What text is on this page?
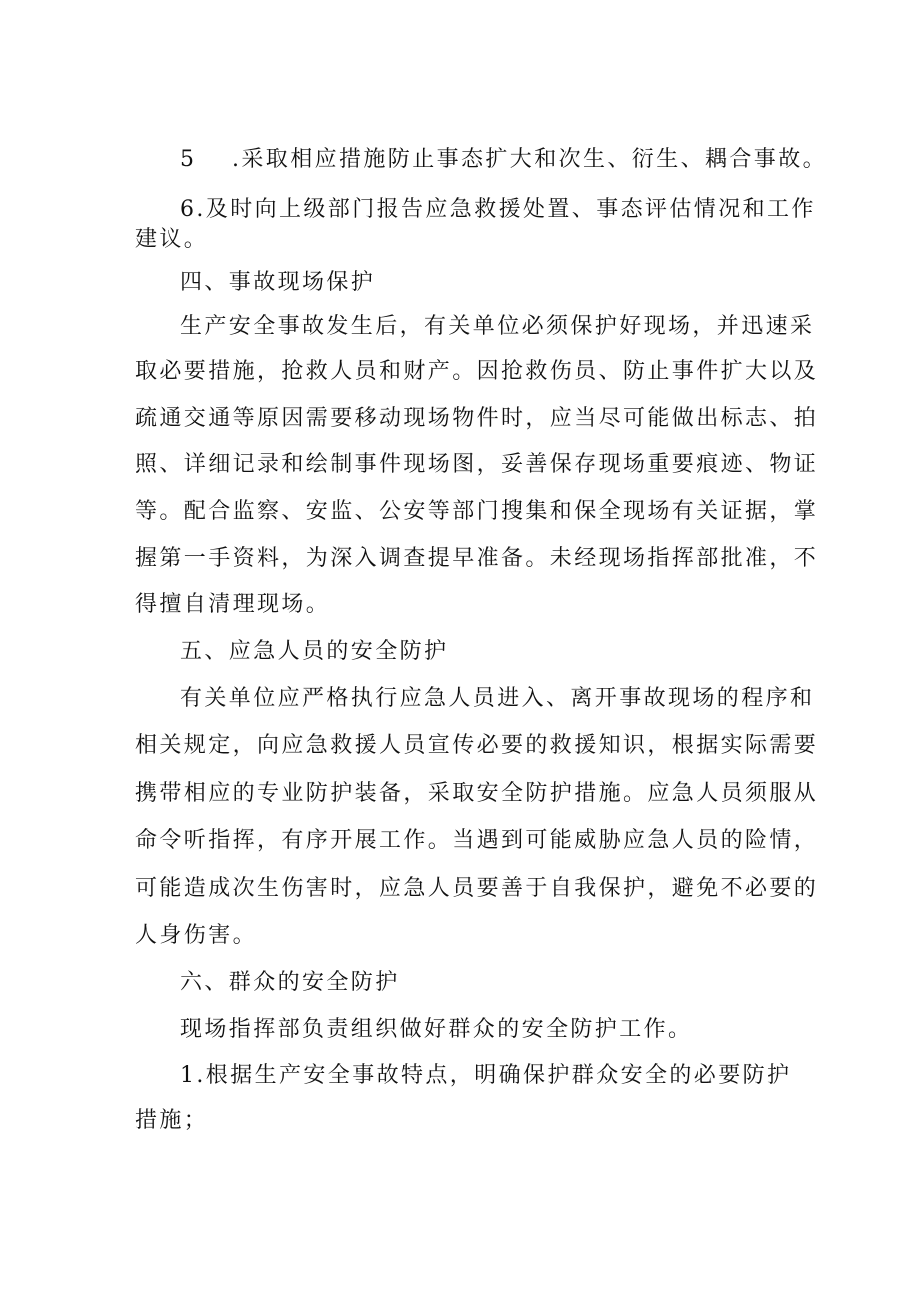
5 .采取相应措施防止事态扩大和次生、衍生、耦合事故。
6.及时向上级部门报告应急救援处置、事态评估情况和工作
建议。
四、事故现场保护
生产安全事故发生后，有关单位必须保护好现场，并迅速采
取必要措施，抢救人员和财产。因抢救伤员、防止事件扩大以及
疏通交通等原因需要移动现场物件时，应当尽可能做出标志、拍
照、详细记录和绘制事件现场图，妥善保存现场重要痕迹、物证
等。配合监察、安监、公安等部门搜集和保全现场有关证据，掌
握第一手资料，为深入调查提早准备。未经现场指挥部批准，不
得擅自清理现场。
五、应急人员的安全防护
有关单位应严格执行应急人员进入、离开事故现场的程序和
相关规定，向应急救援人员宣传必要的救援知识，根据实际需要
携带相应的专业防护装备，采取安全防护措施。应急人员须服从
命令听指挥，有序开展工作。当遇到可能威胁应急人员的险情，
可能造成次生伤害时，应急人员要善于自我保护，避免不必要的
人身伤害。
六、群众的安全防护
现场指挥部负责组织做好群众的安全防护工作。
1.根据生产安全事故特点，明确保护群众安全的必要防护
措施；
